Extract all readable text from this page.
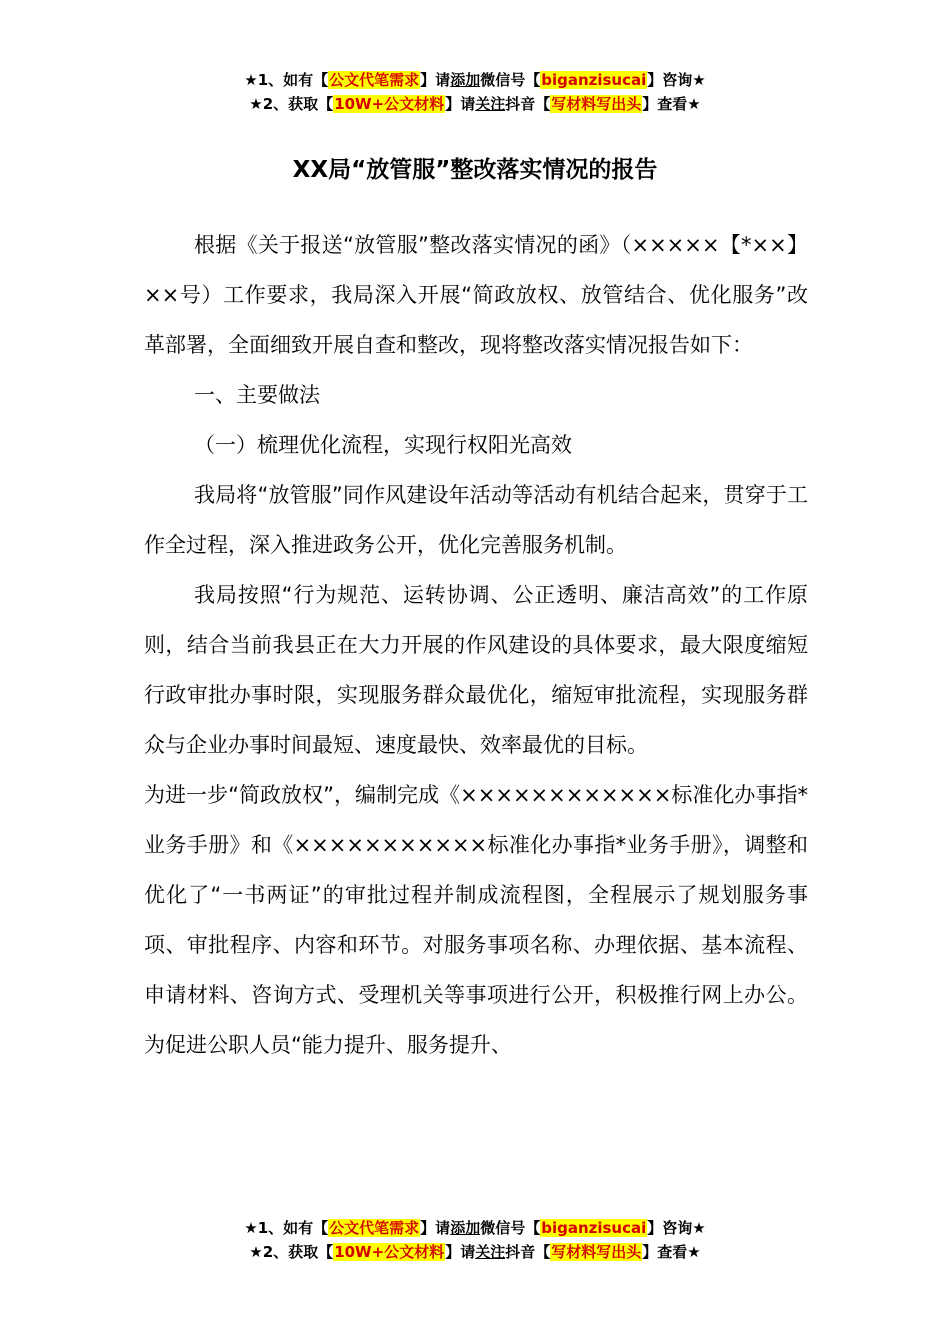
★1、如有【公文代笔需求】请添加微信号【biganzisucai】咨询★
★2、获取【10W+公文材料】请关注抖音【写材料写出头】查看★
XX局“放管服”整改落实情况的报告

根据《关于报送“放管服”整改落实情况的函》（×××××【*××】××号）工作要求，我局深入开展“简政放权、放管结合、优化服务”改革部署，全面细致开展自查和整改，现将整改落实情况报告如下：

一、主要做法

（一）梳理优化流程，实现行权阳光高效

我局将“放管服”同作风建设年活动等活动有机结合起来，贯穿于工作全过程，深入推进政务公开，优化完善服务机制。

我局按照“行为规范、运转协调、公正透明、廉洁高效”的工作原则，结合当前我县正在大力开展的作风建设的具体要求，最大限度缩短行政审批办事时限，实现服务群众最优化，缩短审批流程，实现服务群众与企业办事时间最短、速度最快、效率最优的目标。

为进一步“简政放权”，编制完成《××××××××××××标准化办事指*业务手册》和《×××××××××××标准化办事指*业务手册》，调整和优化了“一书两证”的审批过程并制成流程图，全程展示了规划服务事项、审批程序、内容和环节。对服务事项名称、办理依据、基本流程、申请材料、咨询方式、受理机关等事项进行公开，积极推行网上办公。为促进公职人员“能力提升、服务提升、

★1、如有【公文代笔需求】请添加微信号【biganzisucai】咨询★
★2、获取【10W+公文材料】请关注抖音【写材料写出头】查看★
